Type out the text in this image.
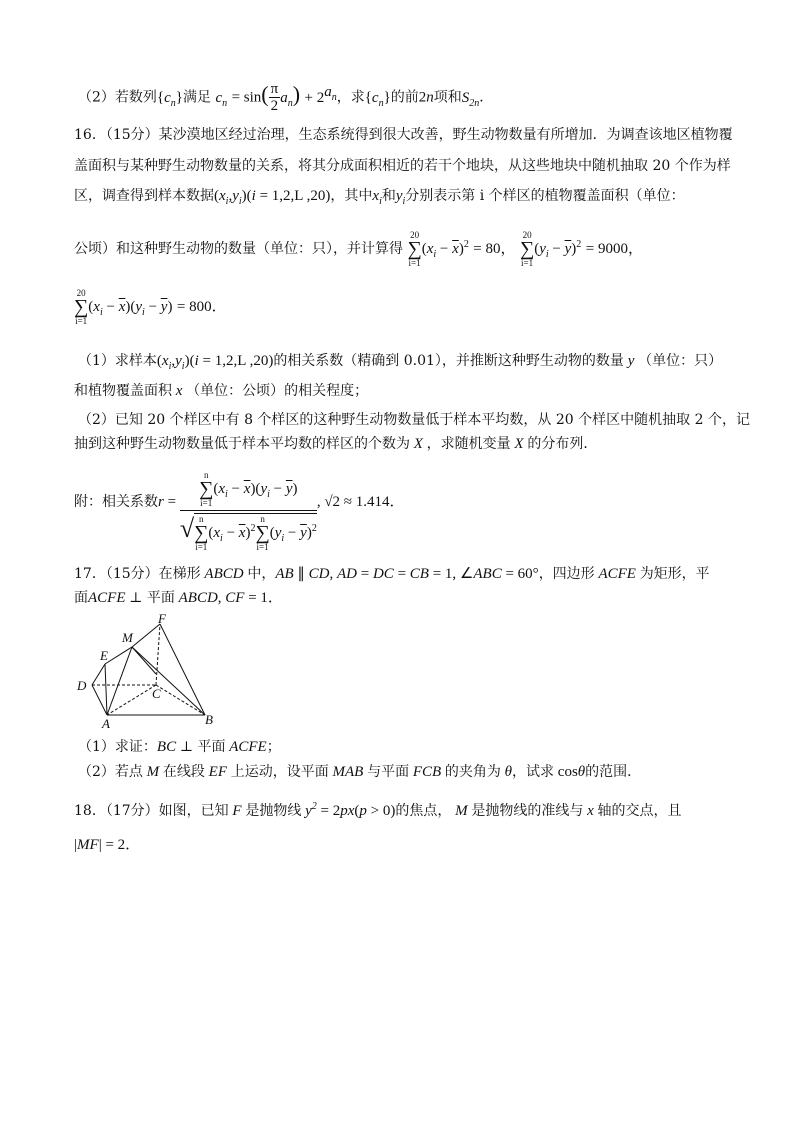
（2）若数列$\{c_n\}$满足 $c_n = \sin( \frac{\pi}{2} a_n) + 2^{a_n}$，求$\{c_n\}$的前2n项和$S_{2n}$．
16．（15分）某沙漠地区经过治理，生态系统得到很大改善，野生动物数量有所增加．为调查该地区植物覆
盖面积与某种野生动物数量的关系，将其分成面积相近的若干个地块，从这些地块中随机抽取 20 个作为样
区，调查得到样本数据$(x_i,y_i)(i = 1,2,L$ ,20)，其中$x_i$和$y_i$分别表示第 i 个样区的植物覆盖面积（单位：
公顷）和这种野生动物的数量（单位：只），并计算得
20
∑
i=1
$(x_i - \overline{x})^2 = 80$，
20
∑
i=1
$(y_i - \overline{y})^2 = 9000$，
20
∑
i=1
$(x_i - \overline{x})(y_i - \overline{y}) = 800$．
（1）求样本$(x_i,y_i)(i = 1,2,L$ ,20)的相关系数（精确到 0.01），并推断这种野生动物的数量 y （单位：只）
和植物覆盖面积 x （单位：公顷）的相关程度；
（2）已知 20 个样区中有 8 个样区的这种野生动物数量低于样本平均数，从 20 个样区中随机抽取 2 个，记
抽到这种野生动物数量低于样本平均数的样区的个数为 X ，求随机变量 X 的分布列．
附：相关系数r = n
∑
i=1
$(x_i - \overline{x})(y_i - \overline{y})$
√ n
∑
i=1
$(x_i - \overline{x})^2$
n
∑
i=1
$(y_i - \overline{y})^2$ , √2 ≈ 1.414．
17．（15分）在梯形 ABCD 中，AB ∥ CD, AD = DC = CB = 1, ∠ABC = 60°，四边形 ACFE 为矩形，平
面ACFE ⊥ 平面 ABCD, CF = 1．
F
M
E
D
C
A	B
（1）求证：BC ⊥ 平面 ACFE；
（2）若点 M 在线段 EF 上运动，设平面 MAB 与平面 FCB 的夹角为 θ，试求 cosθ的范围．
18．（17分）如图，已知 F 是抛物线 $y^2 = 2px(p > 0)$的焦点， M 是抛物线的准线与 x 轴的交点，且
|MF| = 2．
